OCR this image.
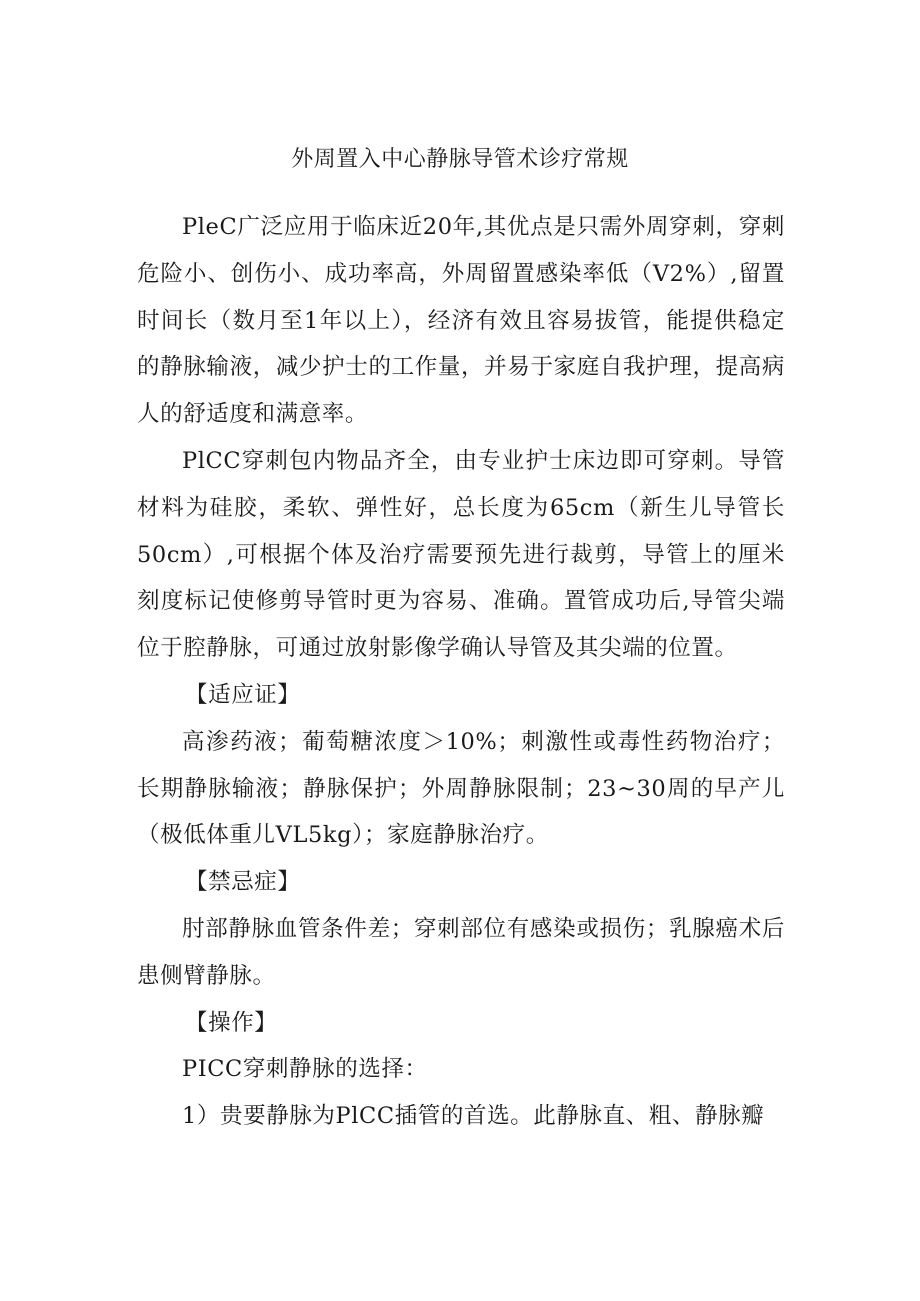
外周置入中心静脉导管术诊疗常规

PleC广泛应用于临床近20年,其优点是只需外周穿刺，穿刺危险小、创伤小、成功率高，外周留置感染率低（V2%）,留置时间长（数月至1年以上），经济有效且容易拔管，能提供稳定的静脉输液，减少护士的工作量，并易于家庭自我护理，提高病人的舒适度和满意率。

PlCC穿刺包内物品齐全，由专业护士床边即可穿刺。导管材料为硅胶，柔软、弹性好，总长度为65cm（新生儿导管长50cm）,可根据个体及治疗需要预先进行裁剪，导管上的厘米刻度标记使修剪导管时更为容易、准确。置管成功后,导管尖端位于腔静脉，可通过放射影像学确认导管及其尖端的位置。

【适应证】

高渗药液；葡萄糖浓度＞10%；刺激性或毒性药物治疗；长期静脉输液；静脉保护；外周静脉限制；23~30周的早产儿（极低体重儿VL5kg）；家庭静脉治疗。

【禁忌症】

肘部静脉血管条件差；穿刺部位有感染或损伤；乳腺癌术后患侧臂静脉。

【操作】

PICC穿刺静脉的选择：

1）贵要静脉为PlCC插管的首选。此静脉直、粗、静脉瓣
